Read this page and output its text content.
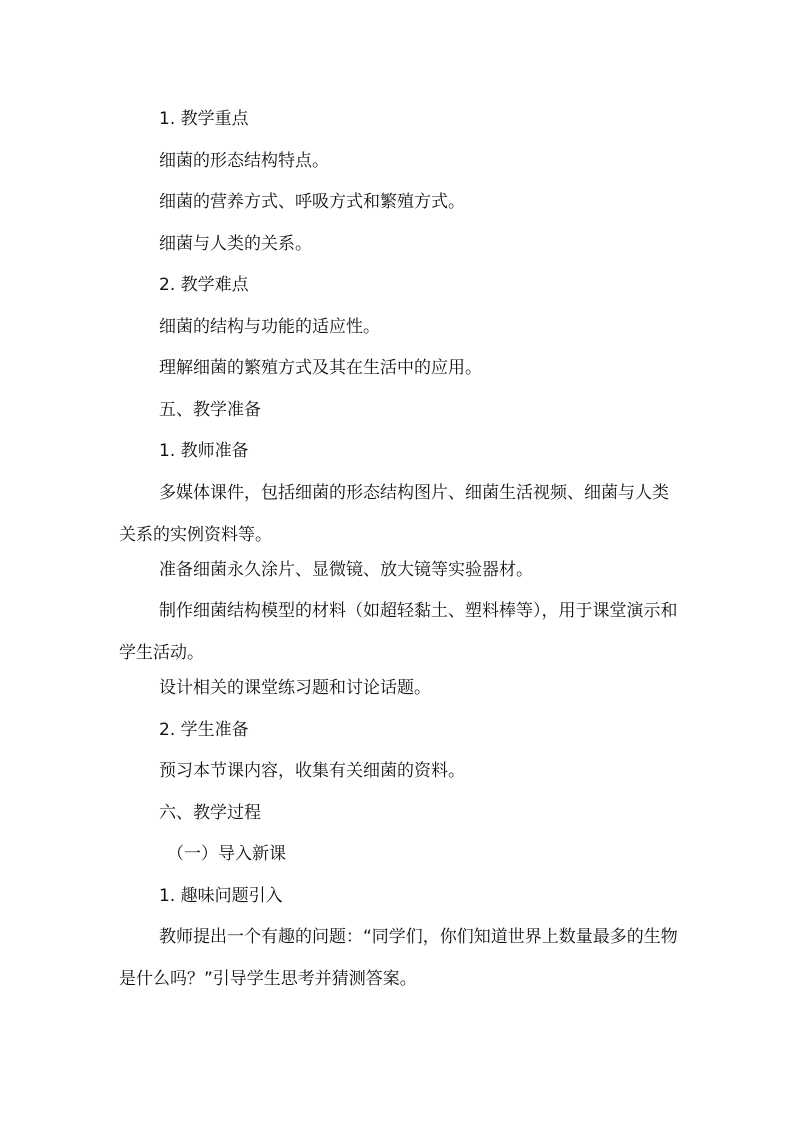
1. 教学重点

细菌的形态结构特点。

细菌的营养方式、呼吸方式和繁殖方式。

细菌与人类的关系。

2. 教学难点

细菌的结构与功能的适应性。

理解细菌的繁殖方式及其在生活中的应用。

五、教学准备

1. 教师准备

多媒体课件，包括细菌的形态结构图片、细菌生活视频、细菌与人类关系的实例资料等。

准备细菌永久涂片、显微镜、放大镜等实验器材。

制作细菌结构模型的材料（如超轻黏土、塑料棒等），用于课堂演示和学生活动。

设计相关的课堂练习题和讨论话题。

2. 学生准备

预习本节课内容，收集有关细菌的资料。

六、教学过程

（一）导入新课

1. 趣味问题引入

教师提出一个有趣的问题：“同学们，你们知道世界上数量最多的生物是什么吗？”引导学生思考并猜测答案。
